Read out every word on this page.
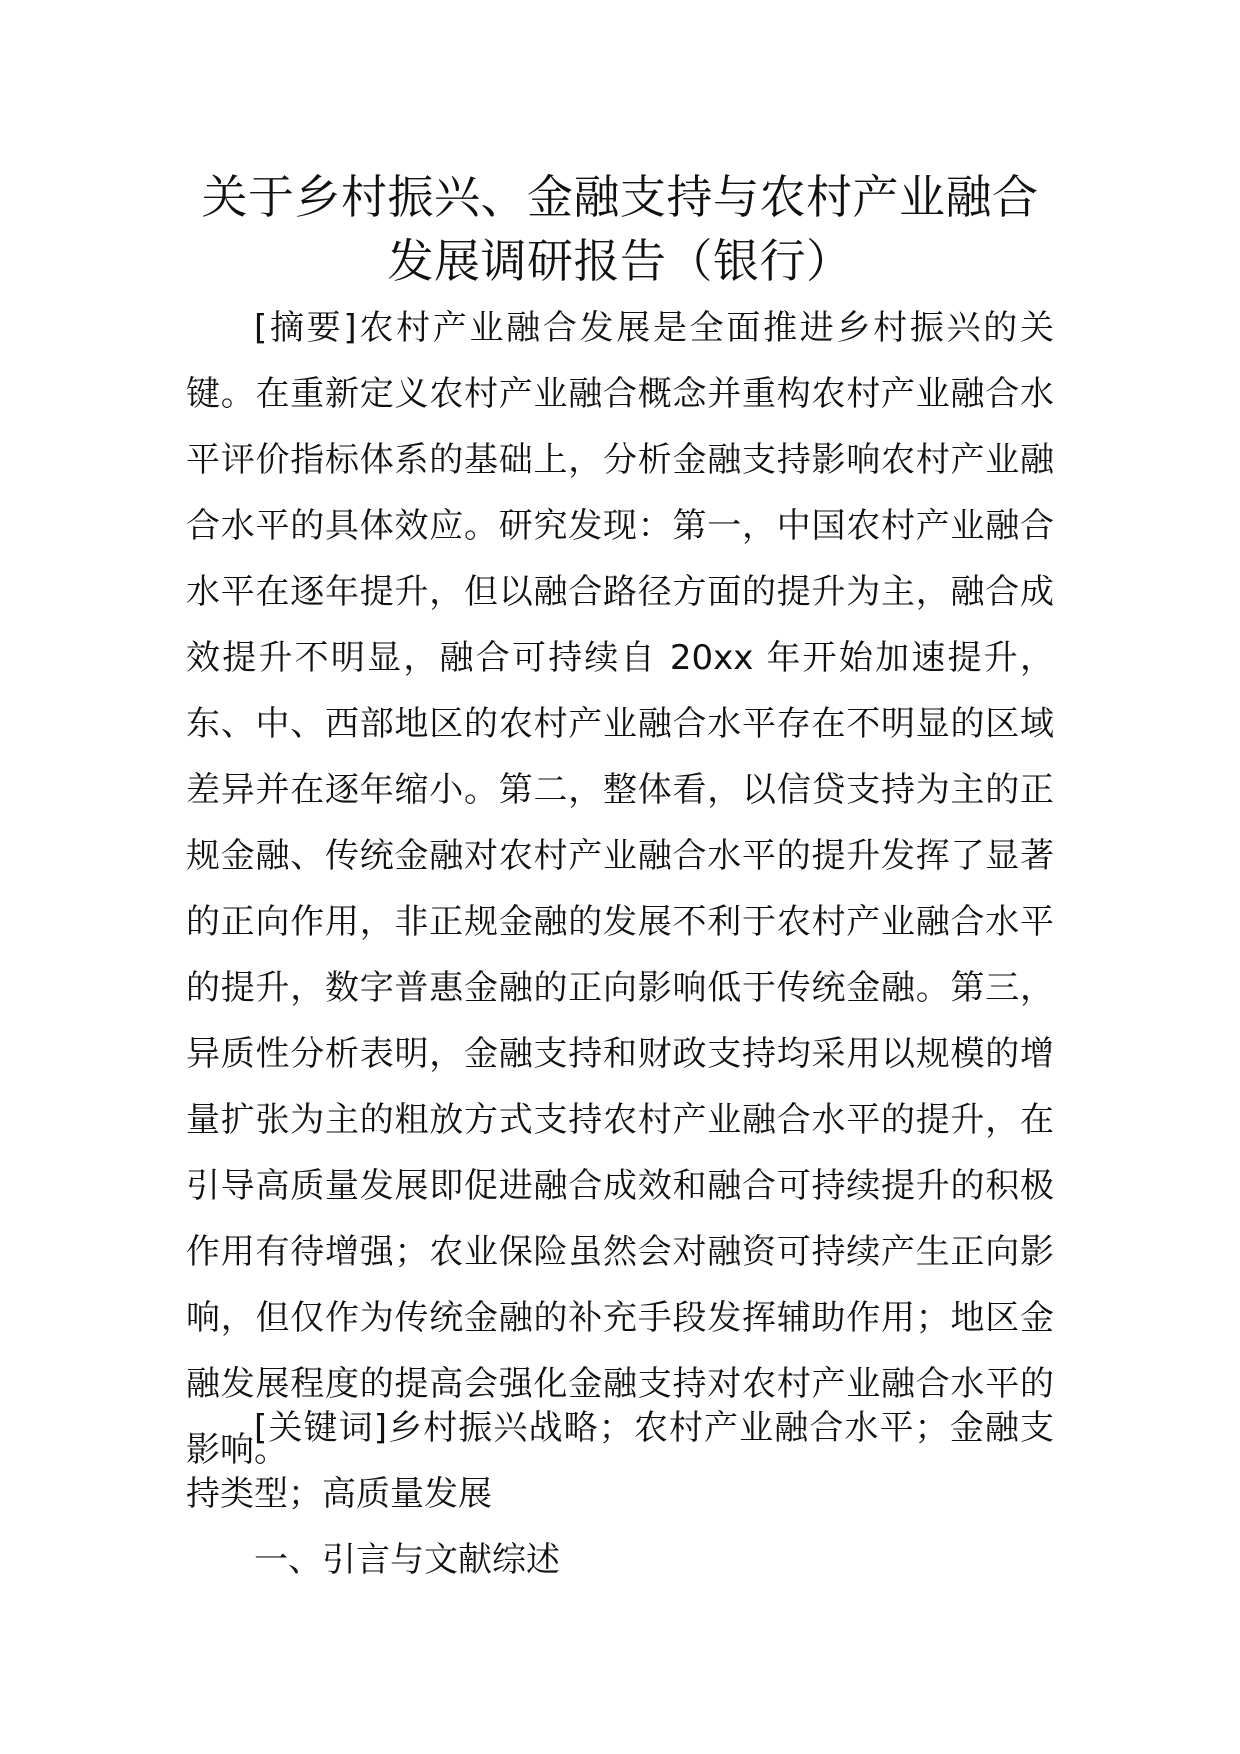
关于乡村振兴、金融支持与农村产业融合
发展调研报告（银行）

[摘要]农村产业融合发展是全面推进乡村振兴的关键。在重新定义农村产业融合概念并重构农村产业融合水平评价指标体系的基础上，分析金融支持影响农村产业融合水平的具体效应。研究发现：第一，中国农村产业融合水平在逐年提升，但以融合路径方面的提升为主，融合成效提升不明显，融合可持续自 20xx 年开始加速提升，东、中、西部地区的农村产业融合水平存在不明显的区域差异并在逐年缩小。第二，整体看，以信贷支持为主的正规金融、传统金融对农村产业融合水平的提升发挥了显著的正向作用，非正规金融的发展不利于农村产业融合水平的提升，数字普惠金融的正向影响低于传统金融。第三，异质性分析表明，金融支持和财政支持均采用以规模的增量扩张为主的粗放方式支持农村产业融合水平的提升，在引导高质量发展即促进融合成效和融合可持续提升的积极作用有待增强；农业保险虽然会对融资可持续产生正向影响，但仅作为传统金融的补充手段发挥辅助作用；地区金融发展程度的提高会强化金融支持对农村产业融合水平的影响。

[关键词]乡村振兴战略；农村产业融合水平；金融支持类型；高质量发展

一、引言与文献综述
